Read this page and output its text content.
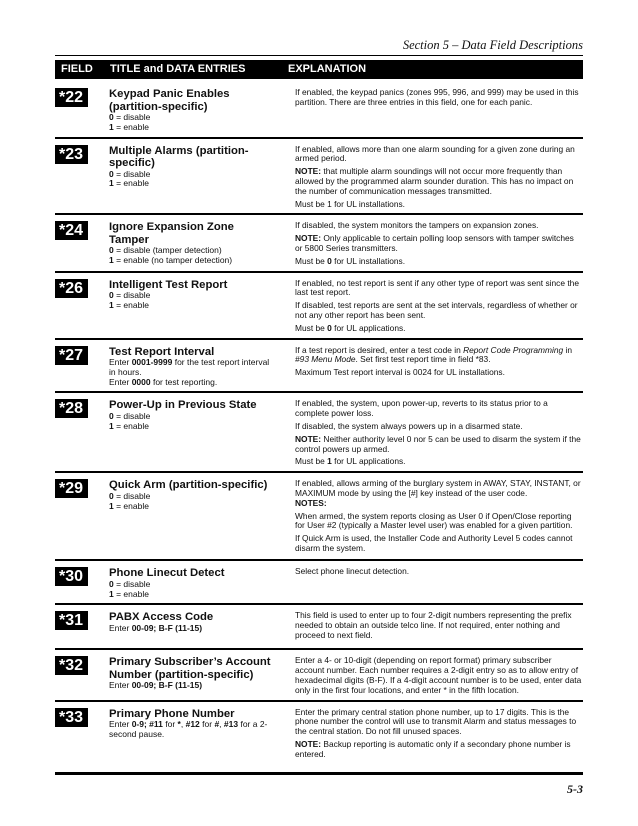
Section 5 – Data Field Descriptions
FIELD TITLE and DATA ENTRIES	EXPLANATION
*22	Keypad Panic Enables (partition-specific)
0 = disable
1 = enable

If enabled, the keypad panics (zones 995, 996, and 999) may be used in this partition. There are three entries in this field, one for each panic.

*23	Multiple Alarms (partition-specific)
0 = disable
1 = enable

If enabled, allows more than one alarm sounding for a given zone during an armed period.

NOTE: that multiple alarm soundings will not occur more frequently than allowed by the programmed alarm sounder duration. This has no impact on the number of communication messages transmitted.

Must be 1 for UL installations.

*24	Ignore Expansion Zone Tamper
0 = disable (tamper detection)
1 = enable (no tamper detection)

If disabled, the system monitors the tampers on expansion zones.

NOTE: Only applicable to certain polling loop sensors with tamper switches or 5800 Series transmitters.

Must be 0 for UL installations.

*26	Intelligent Test Report
0 = disable
1 = enable

If enabled, no test report is sent if any other type of report was sent since the last test report.

If disabled, test reports are sent at the set intervals, regardless of whether or not any other report has been sent.

Must be 0 for UL applications.

*27	Test Report Interval
Enter 0001-9999 for the test report interval in hours.
Enter 0000 for test reporting.

If a test report is desired, enter a test code in Report Code Programming in #93 Menu Mode. Set first test report time in field *83.

Maximum Test report interval is 0024 for UL installations.

*28	Power-Up in Previous State
0 = disable
1 = enable

If enabled, the system, upon power-up, reverts to its status prior to a complete power loss.

If disabled, the system always powers up in a disarmed state.

NOTE: Neither authority level 0 nor 5 can be used to disarm the system if the control powers up armed.

Must be 1 for UL applications.

*29	Quick Arm (partition-specific)
0 = disable
1 = enable

If enabled, allows arming of the burglary system in AWAY, STAY, INSTANT, or MAXIMUM mode by using the [#] key instead of the user code.
NOTES:

When armed, the system reports closing as User 0 if Open/Close reporting for User #2 (typically a Master level user) was enabled for a given partition.

If Quick Arm is used, the Installer Code and Authority Level 5 codes cannot disarm the system.

*30	Phone Linecut Detect
0 = disable
1 = enable

Select phone linecut detection.

*31	PABX Access Code
Enter 00-09; B-F (11-15)

This field is used to enter up to four 2-digit numbers representing the prefix needed to obtain an outside telco line. If not required, enter nothing and proceed to next field.

*32	Primary Subscriber’s Account Number (partition-specific)
Enter 00-09; B-F (11-15)

Enter a 4- or 10-digit (depending on report format) primary subscriber account number. Each number requires a 2-digit entry so as to allow entry of hexadecimal digits (B-F). If a 4-digit account number is to be used, enter data only in the first four locations, and enter * in the fifth location.

*33	Primary Phone Number
Enter 0-9; #11 for *, #12 for #, #13 for a 2-second pause.

Enter the primary central station phone number, up to 17 digits. This is the phone number the control will use to transmit Alarm and status messages to the central station. Do not fill unused spaces.

NOTE: Backup reporting is automatic only if a secondary phone number is entered.

5-3
